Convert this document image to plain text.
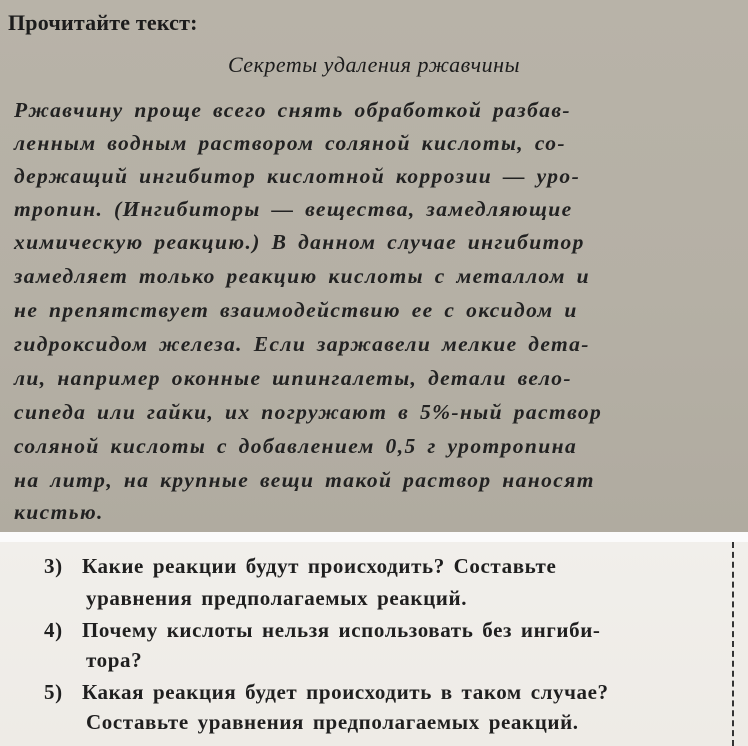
Прочитайте текст:

Секреты удаления ржавчины

Ржавчину проще всего снять обработкой разбав-

ленным водным раствором соляной кислоты, со-

держащий ингибитор кислотной коррозии — уро-

тропин. (Ингибиторы — вещества, замедляющие

химическую реакцию.) В данном случае ингибитор

замедляет только реакцию кислоты с металлом и

не препятствует взаимодействию ее с оксидом и

гидроксидом железа. Если заржавели мелкие дета-

ли, например оконные шпингалеты, детали вело-

сипеда или гайки, их погружают в 5%-ный раствор

соляной кислоты с добавлением 0,5 г уротропина

на литр, на крупные вещи такой раствор наносят

кистью.

3) Какие реакции будут происходить? Составьте

уравнения предполагаемых реакций.

4) Почему кислоты нельзя использовать без ингиби-

тора?

5) Какая реакция будет происходить в таком случае?

Составьте уравнения предполагаемых реакций.
